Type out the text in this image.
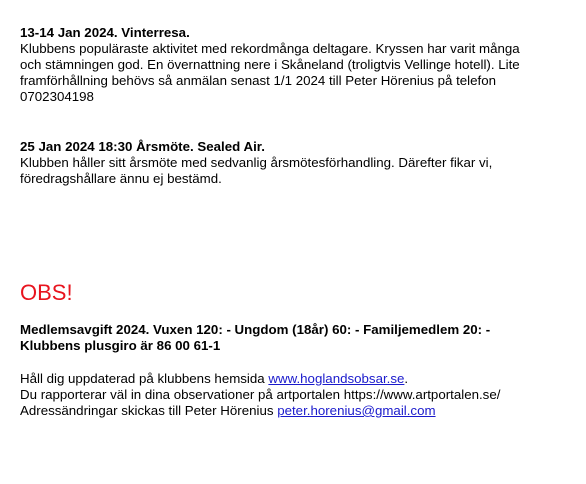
13-14 Jan 2024. Vinterresa.

Klubbens populäraste aktivitet med rekordmånga deltagare. Kryssen har varit många
och stämningen god. En övernattning nere i Skåneland (troligtvis Vellinge hotell). Lite
framförhållning behövs så anmälan senast 1/1 2024 till Peter Hörenius på telefon
0702304198

25 Jan 2024 18:30 Årsmöte. Sealed Air.

Klubben håller sitt årsmöte med sedvanlig årsmötesförhandling. Därefter fikar vi,
föredragshållare ännu ej bestämd.

OBS!
Medlemsavgift 2024. Vuxen 120: - Ungdom (18år) 60: - Familjemedlem 20: -
Klubbens plusgiro är 86 00 61-1
Håll dig uppdaterad på klubbens hemsida www.hoglandsobsar.se.
Du rapporterar väl in dina observationer på artportalen https://www.artportalen.se/
Adressändringar skickas till Peter Hörenius peter.horenius@gmail.com
